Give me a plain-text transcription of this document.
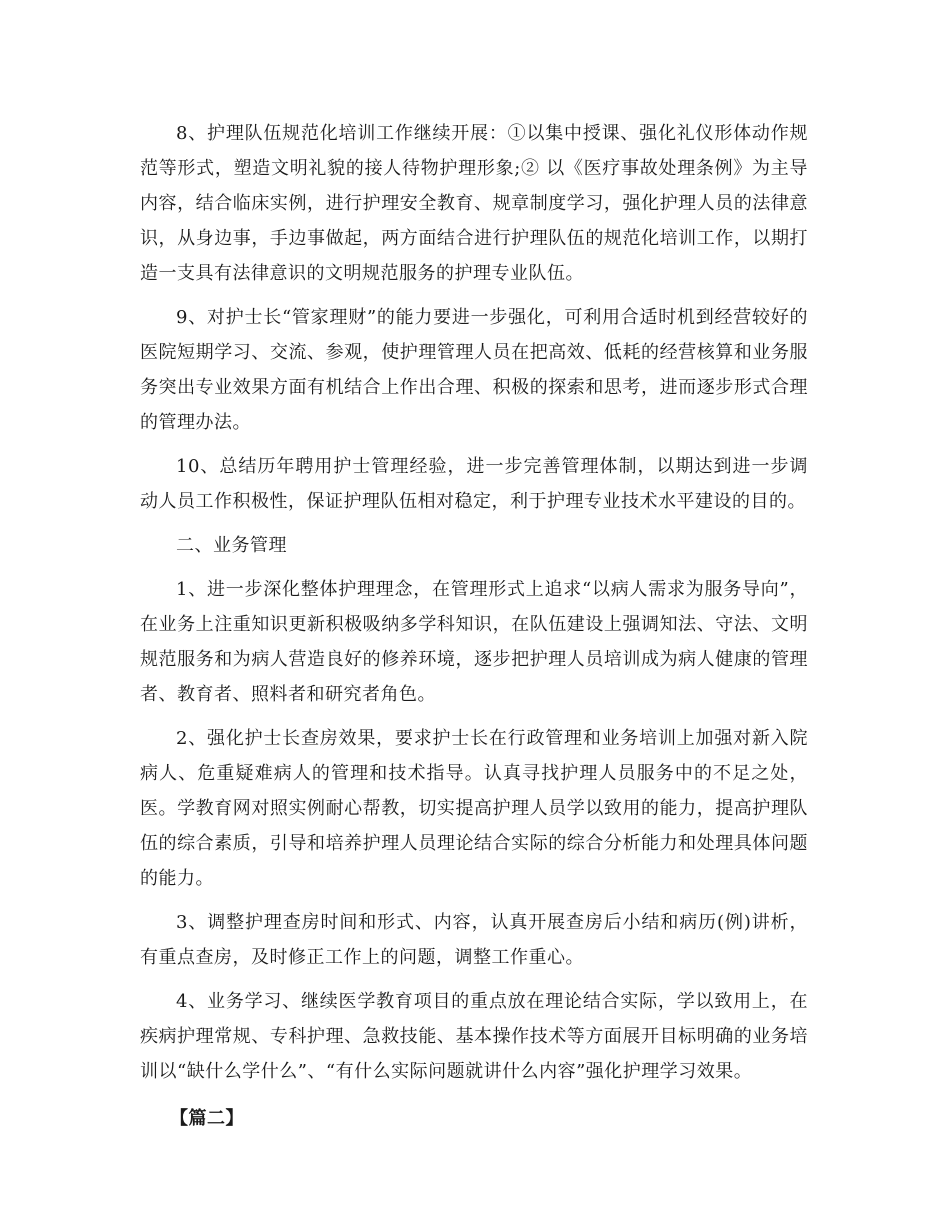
8、护理队伍规范化培训工作继续开展：①以集中授课、强化礼仪形体动作规范等形式，塑造文明礼貌的接人待物护理形象;② 以《医疗事故处理条例》为主导内容，结合临床实例，进行护理安全教育、规章制度学习，强化护理人员的法律意识，从身边事，手边事做起，两方面结合进行护理队伍的规范化培训工作，以期打造一支具有法律意识的文明规范服务的护理专业队伍。

9、对护士长“管家理财”的能力要进一步强化，可利用合适时机到经营较好的医院短期学习、交流、参观，使护理管理人员在把高效、低耗的经营核算和业务服务突出专业效果方面有机结合上作出合理、积极的探索和思考，进而逐步形式合理的管理办法。

10、总结历年聘用护士管理经验，进一步完善管理体制，以期达到进一步调动人员工作积极性，保证护理队伍相对稳定，利于护理专业技术水平建设的目的。

二、业务管理

1、进一步深化整体护理理念，在管理形式上追求“以病人需求为服务导向”，在业务上注重知识更新积极吸纳多学科知识，在队伍建设上强调知法、守法、文明规范服务和为病人营造良好的修养环境，逐步把护理人员培训成为病人健康的管理者、教育者、照料者和研究者角色。

2、强化护士长查房效果，要求护士长在行政管理和业务培训上加强对新入院病人、危重疑难病人的管理和技术指导。认真寻找护理人员服务中的不足之处，医。学教育网对照实例耐心帮教，切实提高护理人员学以致用的能力，提高护理队伍的综合素质，引导和培养护理人员理论结合实际的综合分析能力和处理具体问题的能力。

3、调整护理查房时间和形式、内容，认真开展查房后小结和病历(例)讲析，有重点查房，及时修正工作上的问题，调整工作重心。

4、业务学习、继续医学教育项目的重点放在理论结合实际，学以致用上，在疾病护理常规、专科护理、急救技能、基本操作技术等方面展开目标明确的业务培训以“缺什么学什么”、“有什么实际问题就讲什么内容”强化护理学习效果。

【篇二】
